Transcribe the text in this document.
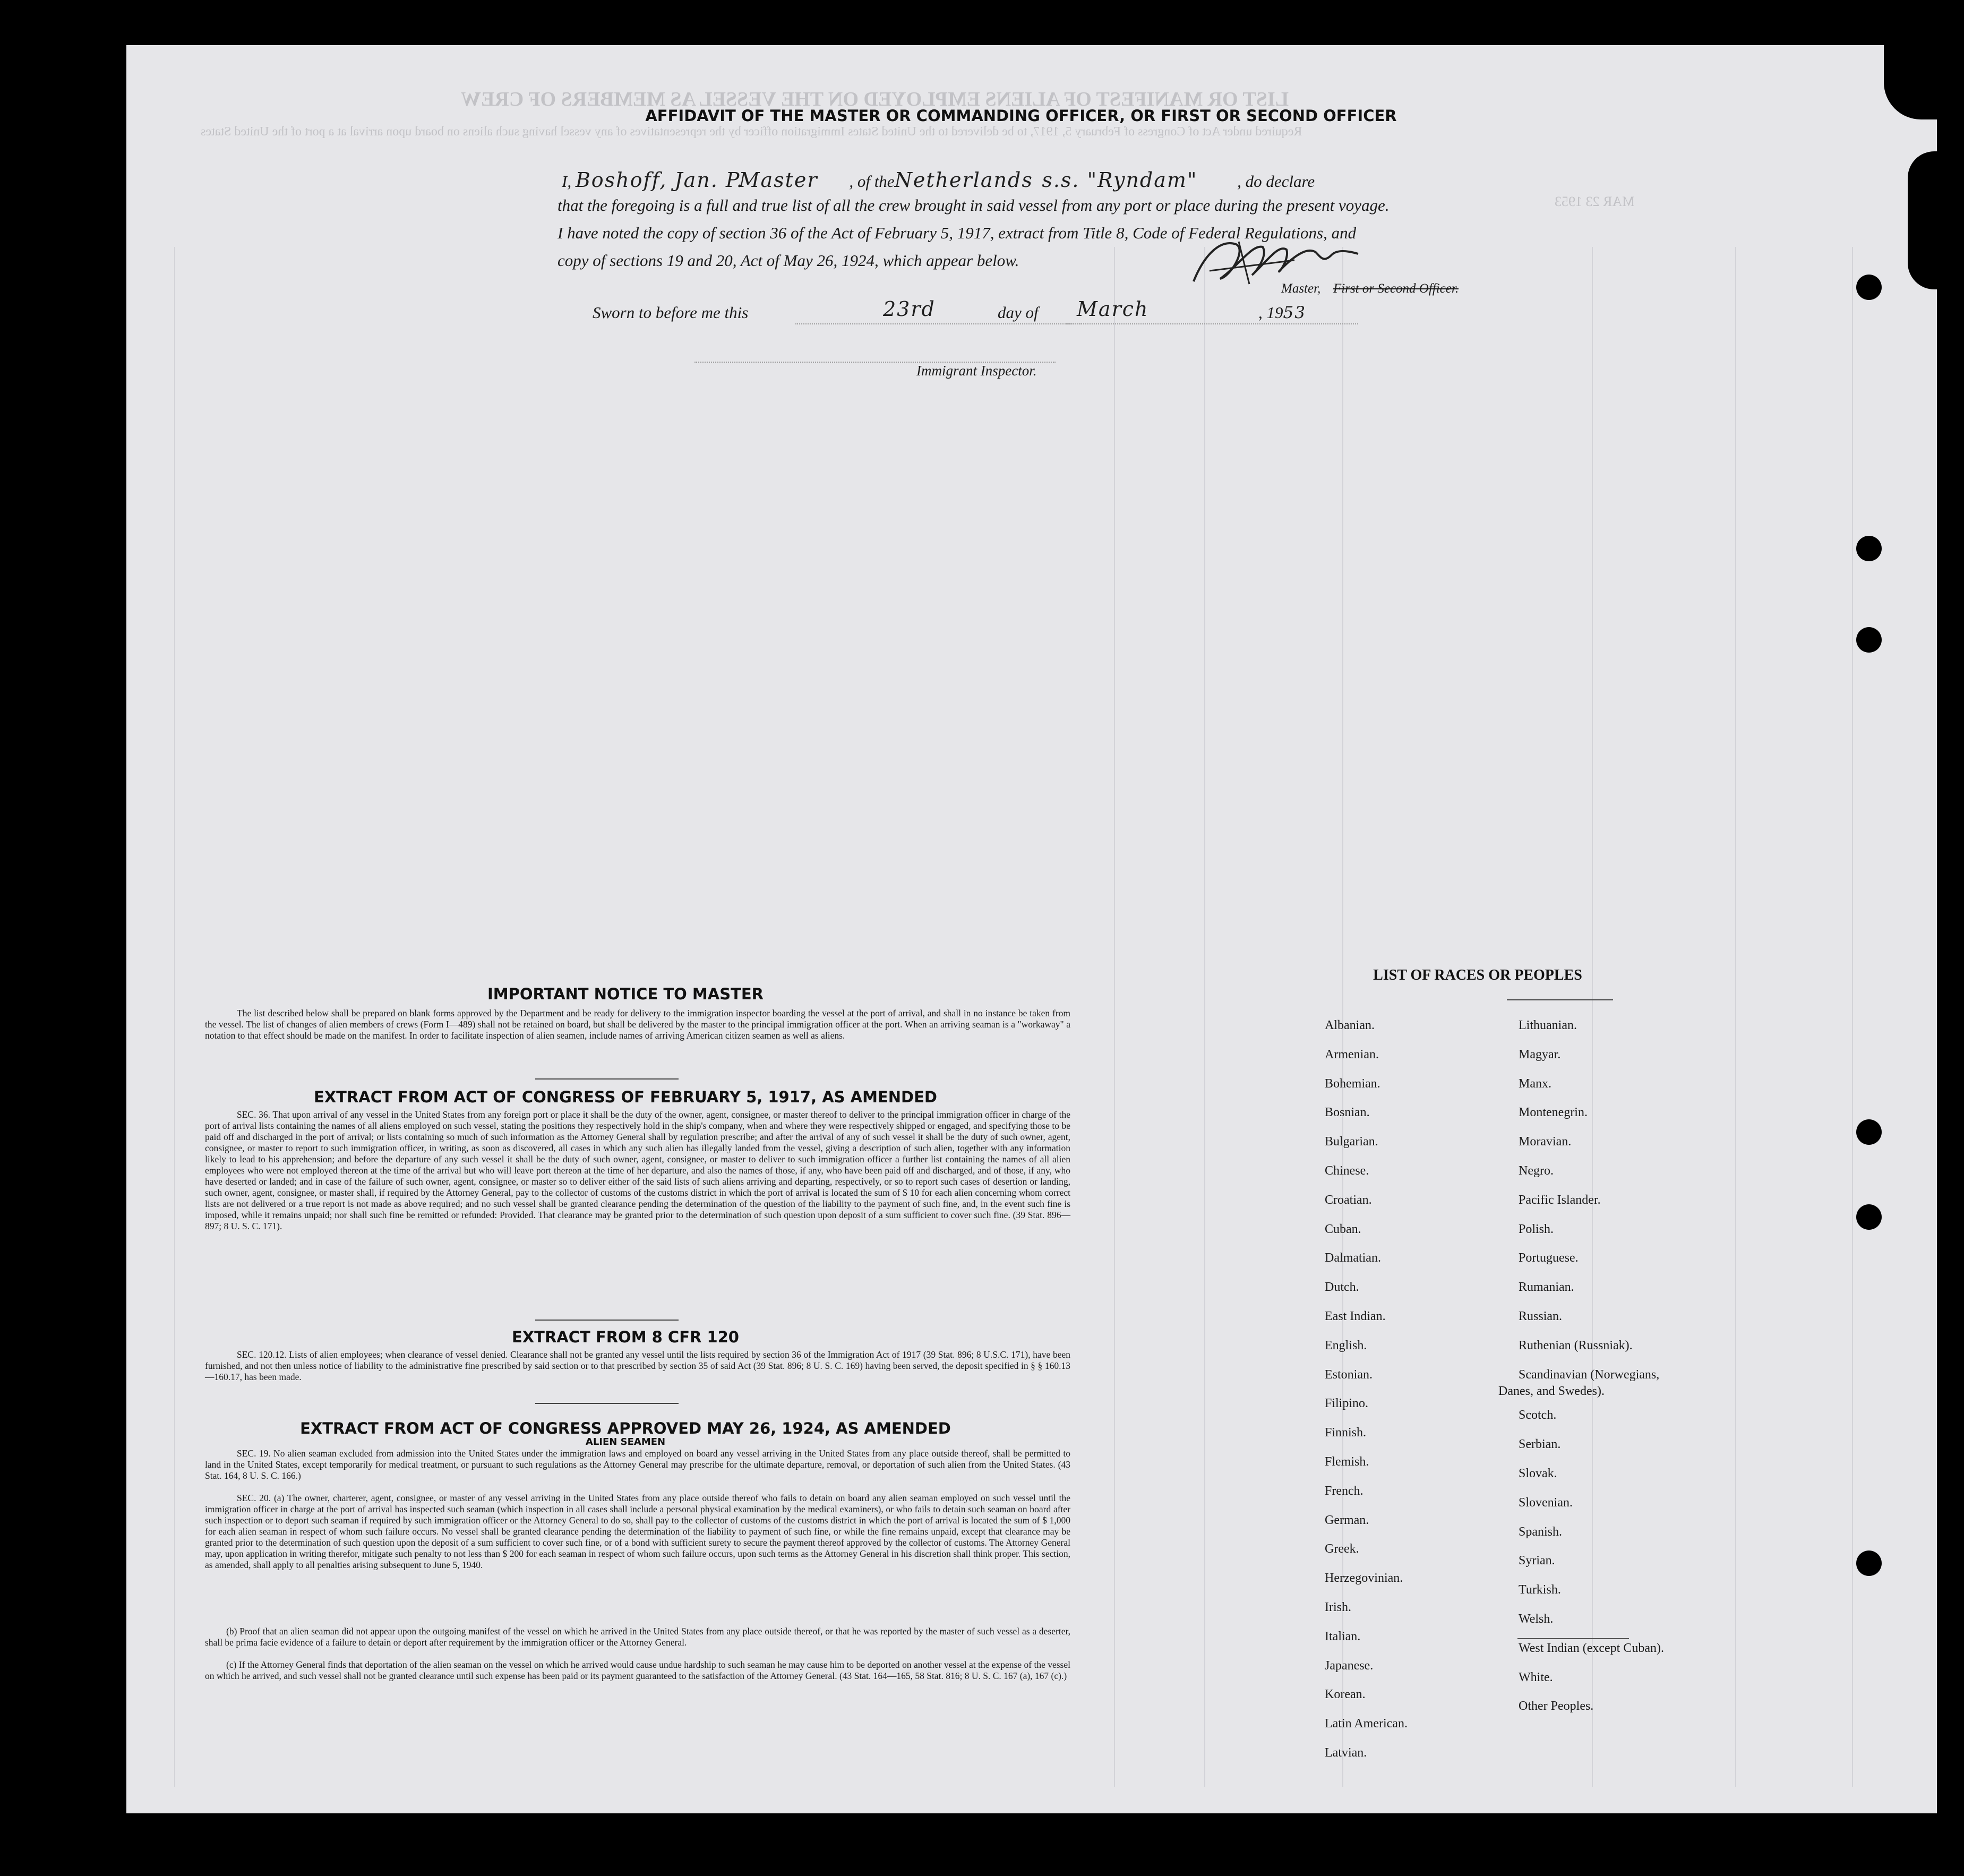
LIST OR MANIFEST OF ALIENS EMPLOYED ON THE VESSEL AS MEMBERS OF CREW
Required under Act of Congress of February 5, 1917, to be delivered to the United States Immigration officer by the representatives of any vessel having such aliens on board upon arrival at a port of the United States
MAR 23 1953
AFFIDAVIT OF THE MASTER OR COMMANDING OFFICER, OR FIRST OR SECOND OFFICER
I, Boshoff, Jan. P. Master , of theNetherlands s.s. "Ryndam" , do declare
that the foregoing is a full and true list of all the crew brought in said vessel from any port or place during the present voyage.
I have noted the copy of section 36 of the Act of February 5, 1917, extract from Title 8, Code of Federal Regulations, and
copy of sections 19 and 20, Act of May 26, 1924, which appear below.
Sworn to before me this	23rd	day of March
Master, First or Second Officer.
, 1953
Immigrant Inspector.
IMPORTANT NOTICE TO MASTER
The list described below shall be prepared on blank forms approved by the Department and be ready for delivery to the immigration inspector boarding the vessel at the port of arrival, and shall in no instance be taken from the vessel. The list of changes of alien members of crews (Form I—489) shall not be retained on board, but shall be delivered by the master to the principal immigration officer at the port. When an arriving seaman is a "workaway" a notation to that effect should be made on the manifest. In order to facilitate inspection of alien seamen, include names of arriving American citizen seamen as well as aliens.
EXTRACT FROM ACT OF CONGRESS OF FEBRUARY 5, 1917, AS AMENDED
SEC. 36. That upon arrival of any vessel in the United States from any foreign port or place it shall be the duty of the owner, agent, consignee, or master thereof to deliver to the principal immigration officer in charge of the port of arrival lists containing the names of all aliens employed on such vessel, stating the positions they respectively hold in the ship's company, when and where they were respectively shipped or engaged, and specifying those to be paid off and discharged in the port of arrival; or lists containing so much of such information as the Attorney General shall by regulation prescribe; and after the arrival of any of such vessel it shall be the duty of such owner, agent, consignee, or master to report to such immigration officer, in writing, as soon as discovered, all cases in which any such alien has illegally landed from the vessel, giving a description of such alien, together with any information likely to lead to his apprehension; and before the departure of any such vessel it shall be the duty of such owner, agent, consignee, or master to deliver to such immigration officer a further list containing the names of all alien employees who were not employed thereon at the time of the arrival but who will leave port thereon at the time of her departure, and also the names of those, if any, who have been paid off and discharged, and of those, if any, who have deserted or landed; and in case of the failure of such owner, agent, consignee, or master so to deliver either of the said lists of such aliens arriving and departing, respectively, or so to report such cases of desertion or landing, such owner, agent, consignee, or master shall, if required by the Attorney General, pay to the collector of customs of the customs district in which the port of arrival is located the sum of $ 10 for each alien concerning whom correct lists are not delivered or a true report is not made as above required; and no such vessel shall be granted clearance pending the determination of the question of the liability to the payment of such fine, and, in the event such fine is imposed, while it remains unpaid; nor shall such fine be remitted or refunded: Provided. That clearance may be granted prior to the determination of such question upon deposit of a sum sufficient to cover such fine. (39 Stat. 896—897; 8 U. S. C. 171).
EXTRACT FROM 8 CFR 120
SEC. 120.12. Lists of alien employees; when clearance of vessel denied. Clearance shall not be granted any vessel until the lists required by section 36 of the Immigration Act of 1917 (39 Stat. 896; 8 U.S.C. 171), have been furnished, and not then unless notice of liability to the administrative fine prescribed by said section or to that prescribed by section 35 of said Act (39 Stat. 896; 8 U. S. C. 169) having been served, the deposit specified in § § 160.13—160.17, has been made.
EXTRACT FROM ACT OF CONGRESS APPROVED MAY 26, 1924, AS AMENDED
ALIEN SEAMEN
SEC. 19. No alien seaman excluded from admission into the United States under the immigration laws and employed on board any vessel arriving in the United States from any place outside thereof, shall be permitted to land in the United States, except temporarily for medical treatment, or pursuant to such regulations as the Attorney General may prescribe for the ultimate departure, removal, or deportation of such alien from the United States. (43 Stat. 164, 8 U. S. C. 166.)
SEC. 20. (a) The owner, charterer, agent, consignee, or master of any vessel arriving in the United States from any place outside thereof who fails to detain on board any alien seaman employed on such vessel until the immigration officer in charge at the port of arrival has inspected such seaman (which inspection in all cases shall include a personal physical examination by the medical examiners), or who fails to detain such seaman on board after such inspection or to deport such seaman if required by such immigration officer or the Attorney General to do so, shall pay to the collector of customs of the customs district in which the port of arrival is located the sum of $ 1,000 for each alien seaman in respect of whom such failure occurs. No vessel shall be granted clearance pending the determination of the liability to payment of such fine, or while the fine remains unpaid, except that clearance may be granted prior to the determination of such question upon the deposit of a sum sufficient to cover such fine, or of a bond with sufficient surety to secure the payment thereof approved by the collector of customs. The Attorney General may, upon application in writing therefor, mitigate such penalty to not less than $ 200 for each seaman in respect of whom such failure occurs, upon such terms as the Attorney General in his discretion shall think proper. This section, as amended, shall apply to all penalties arising subsequent to June 5, 1940.
(b) Proof that an alien seaman did not appear upon the outgoing manifest of the vessel on which he arrived in the United States from any place outside thereof, or that he was reported by the master of such vessel as a deserter, shall be prima facie evidence of a failure to detain or deport after requirement by the immigration officer or the Attorney General.
(c) If the Attorney General finds that deportation of the alien seaman on the vessel on which he arrived would cause undue hardship to such seaman he may cause him to be deported on another vessel at the expense of the vessel on which he arrived, and such vessel shall not be granted clearance until such expense has been paid or its payment guaranteed to the satisfaction of the Attorney General. (43 Stat. 164—165, 58 Stat. 816; 8 U. S. C. 167 (a), 167 (c).)
LIST OF RACES OR PEOPLES
Danes, and Swedes).
Albanian.
Armenian.
Bohemian.
Bosnian.
Bulgarian.
Chinese.
Croatian.
Cuban.
Dalmatian.
Dutch.
East Indian.
English.
Estonian.
Filipino.
Finnish.
Flemish.
French.
German.
Greek.
Herzegovinian.
Irish.
Italian.
Japanese.
Korean.
Latin American.
Latvian.
Lithuanian.
Magyar.
Manx.
Montenegrin.
Moravian.
Negro.
Pacific Islander.
Polish.
Portuguese.
Rumanian.
Russian.
Ruthenian (Russniak).
Scandinavian (Norwegians,
Scotch.
Serbian.
Slovak.
Slovenian.
Spanish.
Syrian.
Turkish.
Welsh.
West Indian (except Cuban).
White.
Other Peoples.
